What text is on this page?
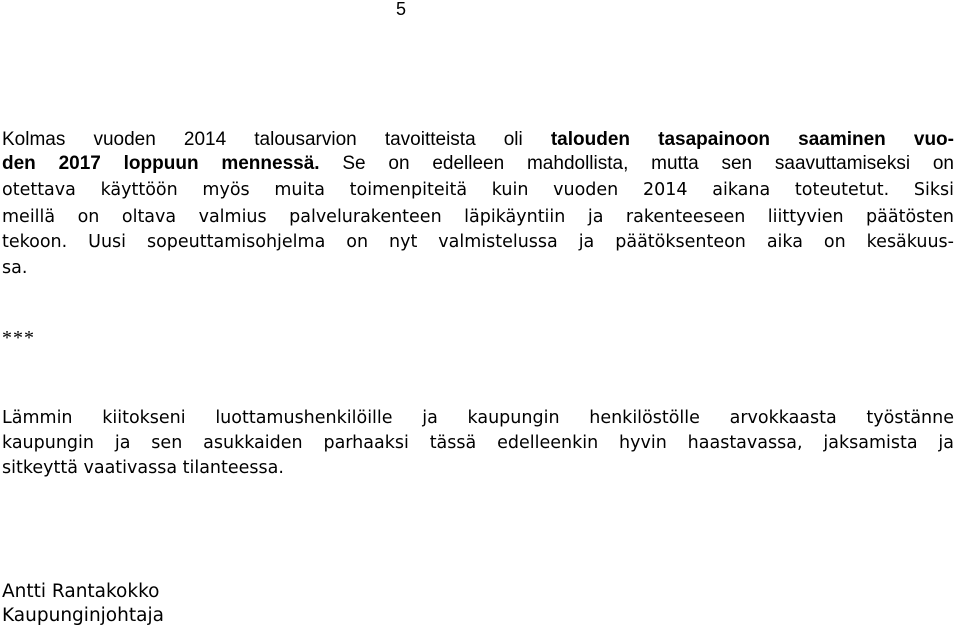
5
Kolmas vuoden 2014 talousarvion tavoitteista oli talouden tasapainoon saaminen vuo-
den 2017 loppuun mennessä. Se on edelleen mahdollista, mutta sen saavuttamiseksi on
otettava käyttöön myös muita toimenpiteitä kuin vuoden 2014 aikana toteutetut. Siksi
meillä on oltava valmius palvelurakenteen läpikäyntiin ja rakenteeseen liittyvien päätösten
tekoon. Uusi sopeuttamisohjelma on nyt valmistelussa ja päätöksenteon aika on kesäkuus-
sa.
***
Lämmin kiitokseni luottamushenkilöille ja kaupungin henkilöstölle arvokkaasta työstänne
kaupungin ja sen asukkaiden parhaaksi tässä edelleenkin hyvin haastavassa, jaksamista ja
sitkeyttä vaativassa tilanteessa.
Antti Rantakokko
Kaupunginjohtaja
